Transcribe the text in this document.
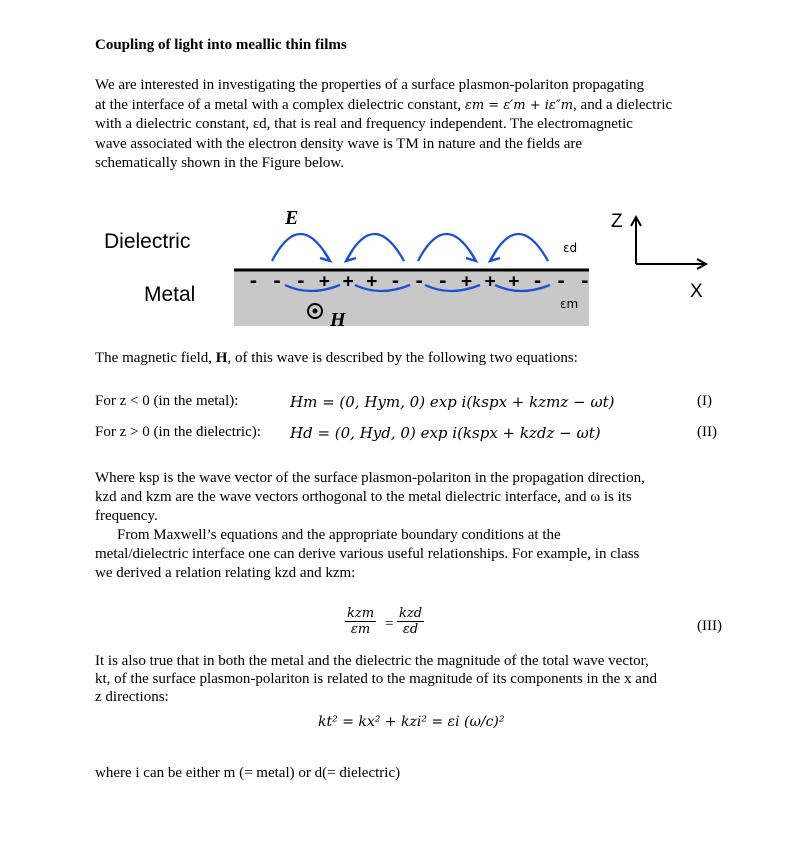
Coupling of light into meallic thin films
We are interested in investigating the properties of a surface plasmon-polariton propagating
at the interface of a metal with a complex dielectric constant, εm = ε′m + iε″m, and a dielectric
with a dielectric constant, εd, that is real and frequency independent. The electromagnetic
wave associated with the electron density wave is TM in nature and the fields are
schematically shown in the Figure below.
Dielectric
Metal
E
- - - + + + - - - + + + - - -
H
εd
εm
Z
X
The magnetic field, H, of this wave is described by the following two equations:
For z < 0 (in the metal):	Hm = (0, Hym, 0) exp i(kspx + kzmz − ωt)	(I)
For z > 0 (in the dielectric): Hd = (0, Hyd, 0) exp i(kspx + kzdz − ωt)	(II)
Where ksp is the wave vector of the surface plasmon-polariton in the propagation direction,
kzd and kzm are the wave vectors orthogonal to the metal dielectric interface, and ω is its
frequency.
From Maxwell’s equations and the appropriate boundary conditions at the
metal/dielectric interface one can derive various useful relationships. For example, in class
we derived a relation relating kzd and kzm:
kzm
εm =
kzd
εd	(III)
It is also true that in both the metal and the dielectric the magnitude of the total wave vector,
kt, of the surface plasmon-polariton is related to the magnitude of its components in the x and
z directions:
kt² = kx² + kzi² = εi (ω/c)²
where i can be either m (= metal) or d(= dielectric)
